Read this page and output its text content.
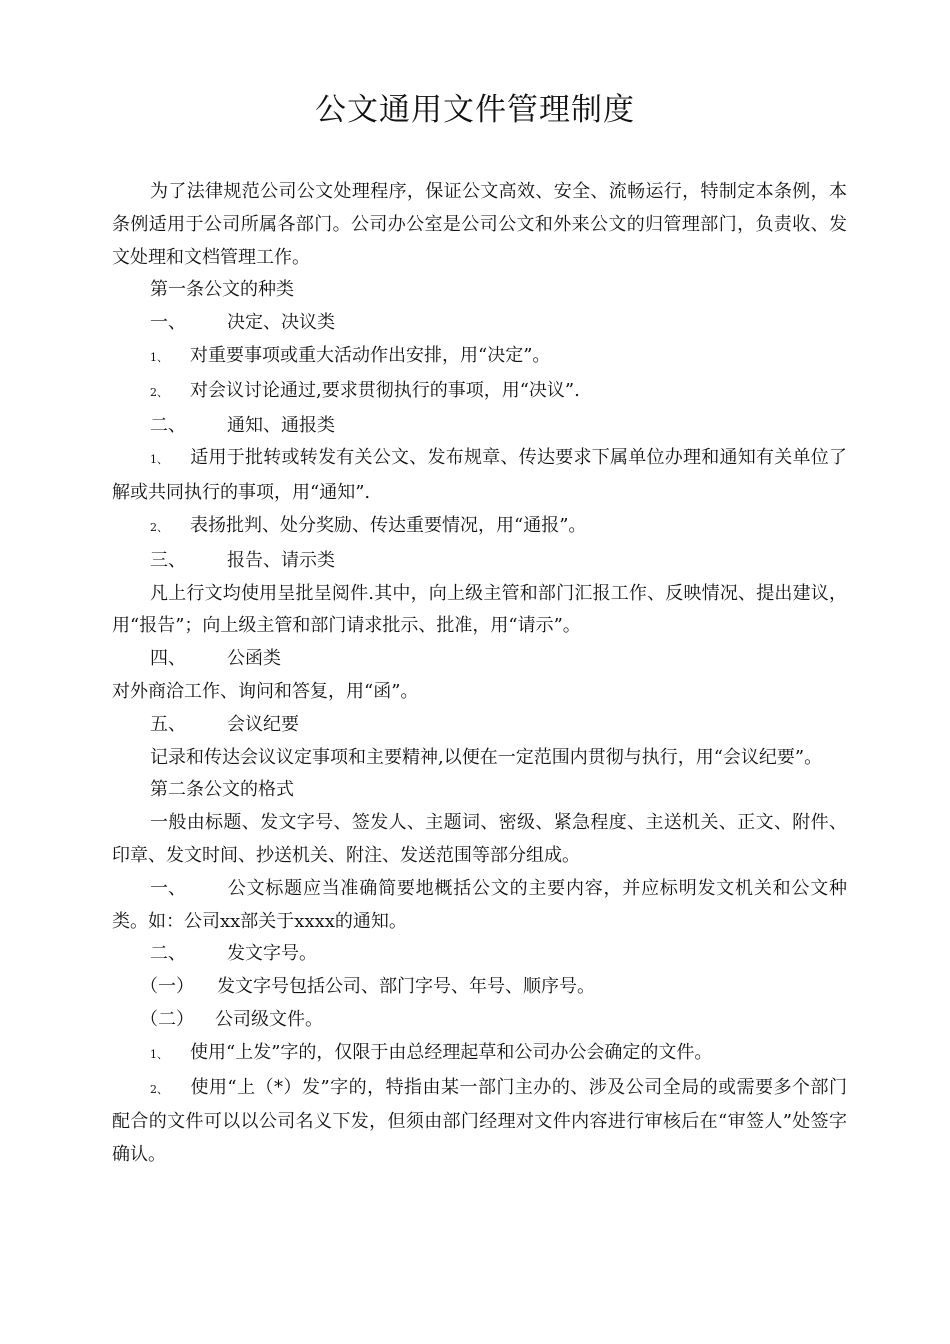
公文通用文件管理制度

为了法律规范公司公文处理程序，保证公文高效、安全、流畅运行，特制定本条例，本条例适用于公司所属各部门。公司办公室是公司公文和外来公文的归管理部门，负责收、发文处理和文档管理工作。

第一条公文的种类

一、 决定、决议类

1、 对重要事项或重大活动作出安排，用“决定”。

2、 对会议讨论通过,要求贯彻执行的事项，用“决议”.

二、 通知、通报类

1、 适用于批转或转发有关公文、发布规章、传达要求下属单位办理和通知有关单位了解或共同执行的事项，用“通知”.

2、 表扬批判、处分奖励、传达重要情况，用“通报”。

三、 报告、请示类

凡上行文均使用呈批呈阅件.其中，向上级主管和部门汇报工作、反映情况、提出建议，用“报告”；向上级主管和部门请求批示、批准，用“请示”。

四、 公函类

对外商洽工作、询问和答复，用“函”。

五、 会议纪要

记录和传达会议议定事项和主要精神,以便在一定范围内贯彻与执行，用“会议纪要”。

第二条公文的格式

一般由标题、发文字号、签发人、主题词、密级、紧急程度、主送机关、正文、附件、印章、发文时间、抄送机关、附注、发送范围等部分组成。

一、 公文标题应当准确简要地概括公文的主要内容，并应标明发文机关和公文种类。如：公司xx部关于xxxx的通知。

二、 发文字号。

（一） 发文字号包括公司、部门字号、年号、顺序号。

（二） 公司级文件。

1、 使用“上发”字的，仅限于由总经理起草和公司办公会确定的文件。

2、 使用“上（*）发”字的，特指由某一部门主办的、涉及公司全局的或需要多个部门配合的文件可以以公司名义下发，但须由部门经理对文件内容进行审核后在“审签人”处签字确认。
